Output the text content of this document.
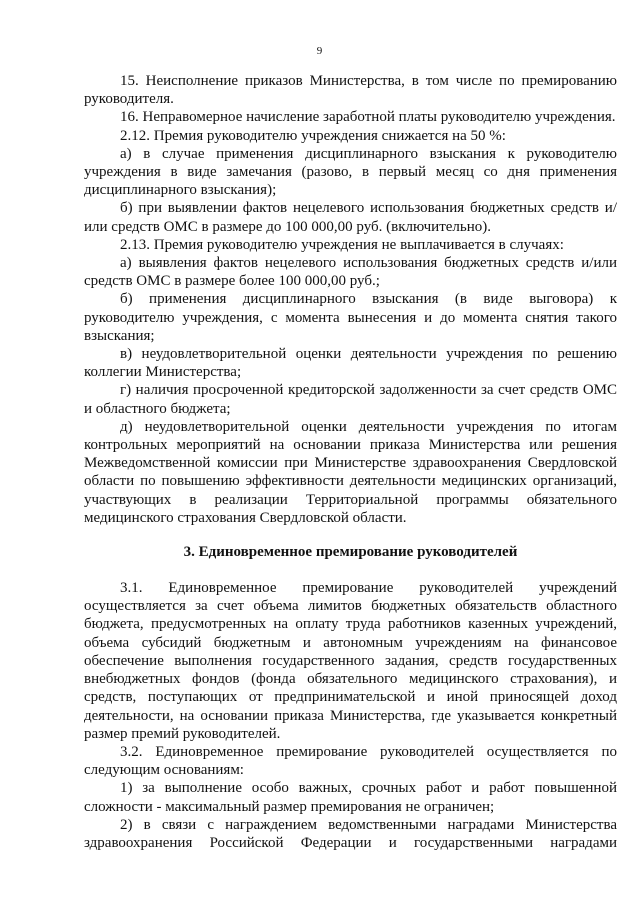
9

15. Неисполнение приказов Министерства, в том числе по премированию руководителя.

16. Неправомерное начисление заработной платы руководителю учреждения.

2.12. Премия руководителю учреждения снижается на 50 %:

а) в случае применения дисциплинарного взыскания к руководителю учреждения в виде замечания (разово, в первый месяц со дня применения дисциплинарного взыскания);

б) при выявлении фактов нецелевого использования бюджетных средств и/или средств ОМС в размере до 100 000,00 руб. (включительно).

2.13. Премия руководителю учреждения не выплачивается в случаях:

а) выявления фактов нецелевого использования бюджетных средств и/или средств ОМС в размере более 100 000,00 руб.;

б) применения дисциплинарного взыскания (в виде выговора) к руководителю учреждения, с момента вынесения и до момента снятия такого взыскания;

в) неудовлетворительной оценки деятельности учреждения по решению коллегии Министерства;

г) наличия просроченной кредиторской задолженности за счет средств ОМС и областного бюджета;

д) неудовлетворительной оценки деятельности учреждения по итогам контрольных мероприятий на основании приказа Министерства или решения Межведомственной комиссии при Министерстве здравоохранения Свердловской области по повышению эффективности деятельности медицинских организаций, участвующих в реализации Территориальной программы обязательного медицинского страхования Свердловской области.

3. Единовременное премирование руководителей

3.1. Единовременное премирование руководителей учреждений осуществляется за счет объема лимитов бюджетных обязательств областного бюджета, предусмотренных на оплату труда работников казенных учреждений, объема субсидий бюджетным и автономным учреждениям на финансовое обеспечение выполнения государственного задания, средств государственных внебюджетных фондов (фонда обязательного медицинского страхования), и средств, поступающих от предпринимательской и иной приносящей доход деятельности, на основании приказа Министерства, где указывается конкретный размер премий руководителей.

3.2. Единовременное премирование руководителей осуществляется по следующим основаниям:

1) за выполнение особо важных, срочных работ и работ повышенной сложности - максимальный размер премирования не ограничен;

2) в связи с награждением ведомственными наградами Министерства здравоохранения Российской Федерации и государственными наградами
